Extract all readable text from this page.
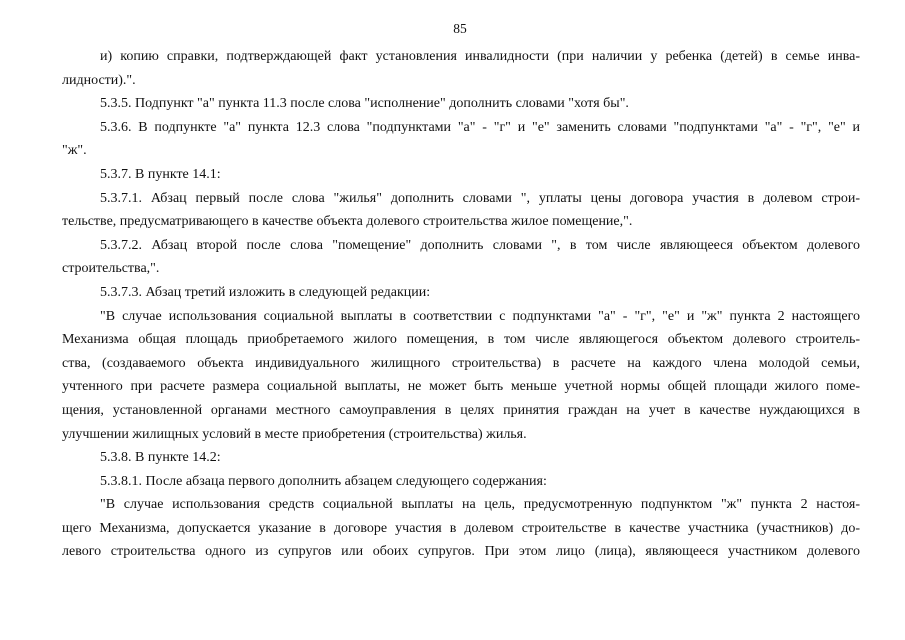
85
и) копию справки, подтверждающей факт установления инвалидности (при наличии у ребенка (детей) в семье инва-
лидности).".
5.3.5. Подпункт "а" пункта 11.3 после слова "исполнение" дополнить словами "хотя бы".
5.3.6. В подпункте "а" пункта 12.3 слова "подпунктами "а" - "г" и "е" заменить словами "подпунктами "а" - "г", "е" и
"ж".
5.3.7. В пункте 14.1:
5.3.7.1. Абзац первый после слова "жилья" дополнить словами ", уплаты цены договора участия в долевом строи-
тельстве, предусматривающего в качестве объекта долевого строительства жилое помещение,".
5.3.7.2. Абзац второй после слова "помещение" дополнить словами ", в том числе являющееся объектом долевого
строительства,".
5.3.7.3. Абзац третий изложить в следующей редакции:
"В случае использования социальной выплаты в соответствии с подпунктами "а" - "г", "е" и "ж" пункта 2 настоящего
Механизма общая площадь приобретаемого жилого помещения, в том числе являющегося объектом долевого строитель-
ства, (создаваемого объекта индивидуального жилищного строительства) в расчете на каждого члена молодой семьи,
учтенного при расчете размера социальной выплаты, не может быть меньше учетной нормы общей площади жилого поме-
щения, установленной органами местного самоуправления в целях принятия граждан на учет в качестве нуждающихся в
улучшении жилищных условий в месте приобретения (строительства) жилья.
5.3.8. В пункте 14.2:
5.3.8.1. После абзаца первого дополнить абзацем следующего содержания:
"В случае использования средств социальной выплаты на цель, предусмотренную подпунктом "ж" пункта 2 настоя-
щего Механизма, допускается указание в договоре участия в долевом строительстве в качестве участника (участников) до-
левого строительства одного из супругов или обоих супругов. При этом лицо (лица), являющееся участником долевого
